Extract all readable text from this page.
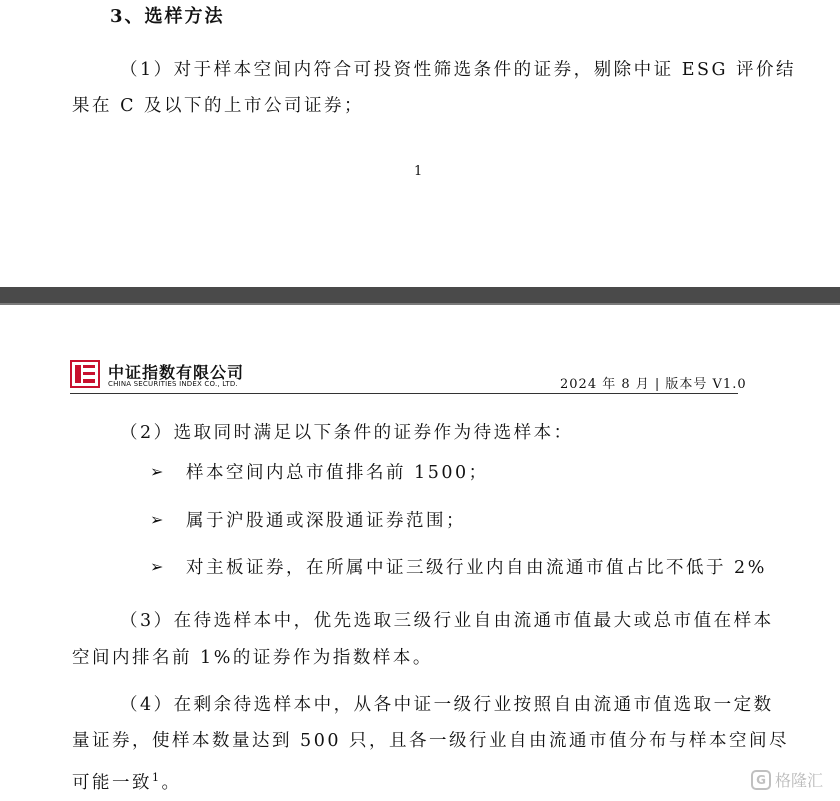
3、选样方法
（1）对于样本空间内符合可投资性筛选条件的证券，剔除中证 ESG 评价结
果在 C 及以下的上市公司证券；
1
中证指数有限公司
CHINA SECURITIES INDEX CO., LTD.	2024 年 8 月 | 版本号 V1.0
（2）选取同时满足以下条件的证券作为待选样本：
➢ 样本空间内总市值排名前 1500；
➢ 属于沪股通或深股通证券范围；
➢ 对主板证券，在所属中证三级行业内自由流通市值占比不低于 2%
（3）在待选样本中，优先选取三级行业自由流通市值最大或总市值在样本
空间内排名前 1%的证券作为指数样本。
（4）在剩余待选样本中，从各中证一级行业按照自由流通市值选取一定数
量证券，使样本数量达到 500 只，且各一级行业自由流通市值分布与样本空间尽
可能一致$^1$。	G 格隆汇
